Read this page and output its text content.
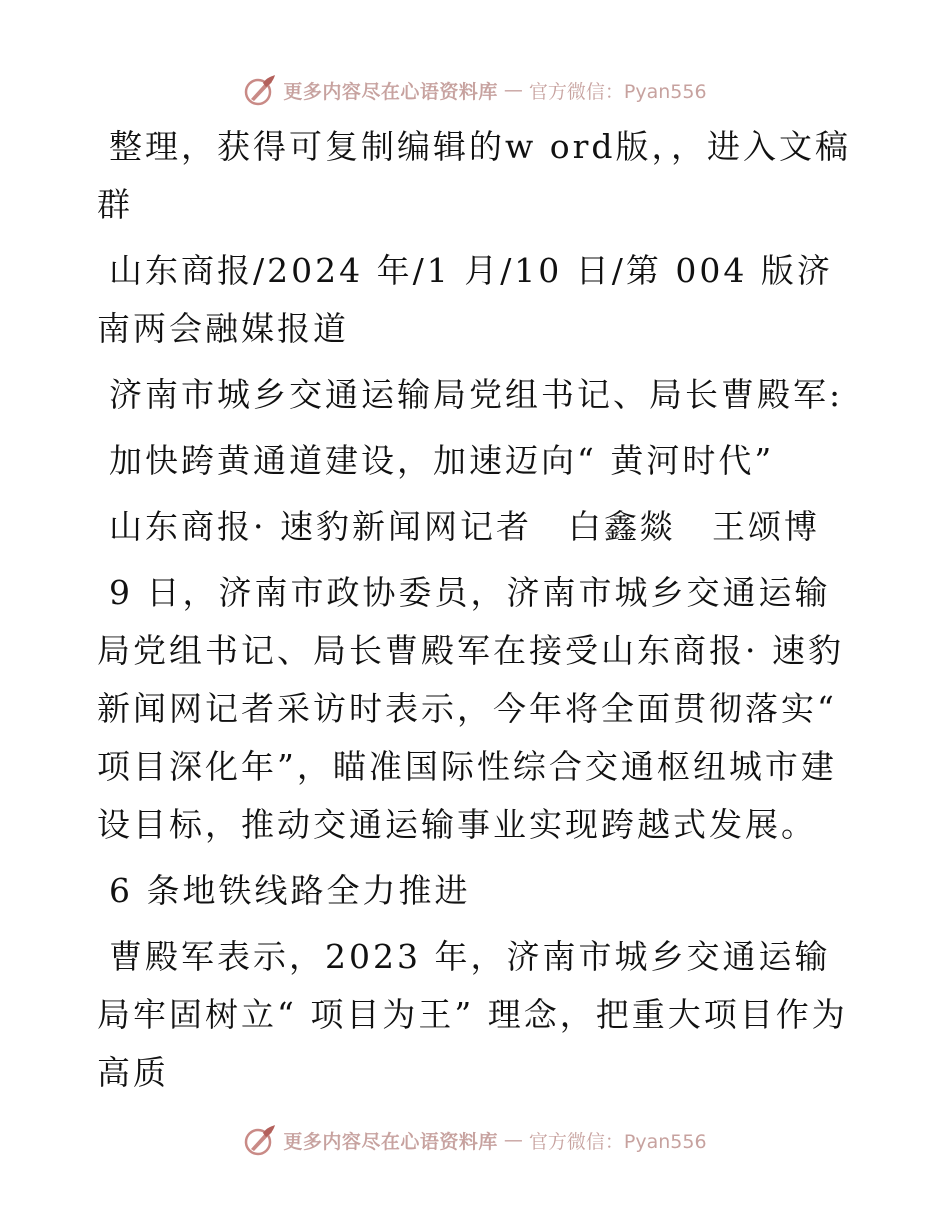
更多内容尽在心语资料库 — 官方微信：Pyan556

整理，获得可复制编辑的w ord版，，进入文稿群

山东商报/2024 年/1 月/10 日/第 004 版济南两会融媒报道

济南市城乡交通运输局党组书记、局长曹殿军:

加快跨黄通道建设，加速迈向“ 黄河时代”

山东商报· 速豹新闻网记者　白鑫燚　王颂博

9 日，济南市政协委员，济南市城乡交通运输局党组书记、局长曹殿军在接受山东商报· 速豹新闻网记者采访时表示，今年将全面贯彻落实“ 项目深化年”，瞄准国际性综合交通枢纽城市建设目标，推动交通运输事业实现跨越式发展。

6 条地铁线路全力推进

曹殿军表示，2023 年，济南市城乡交通运输局牢固树立“ 项目为王” 理念，把重大项目作为高质

更多内容尽在心语资料库 — 官方微信：Pyan556
